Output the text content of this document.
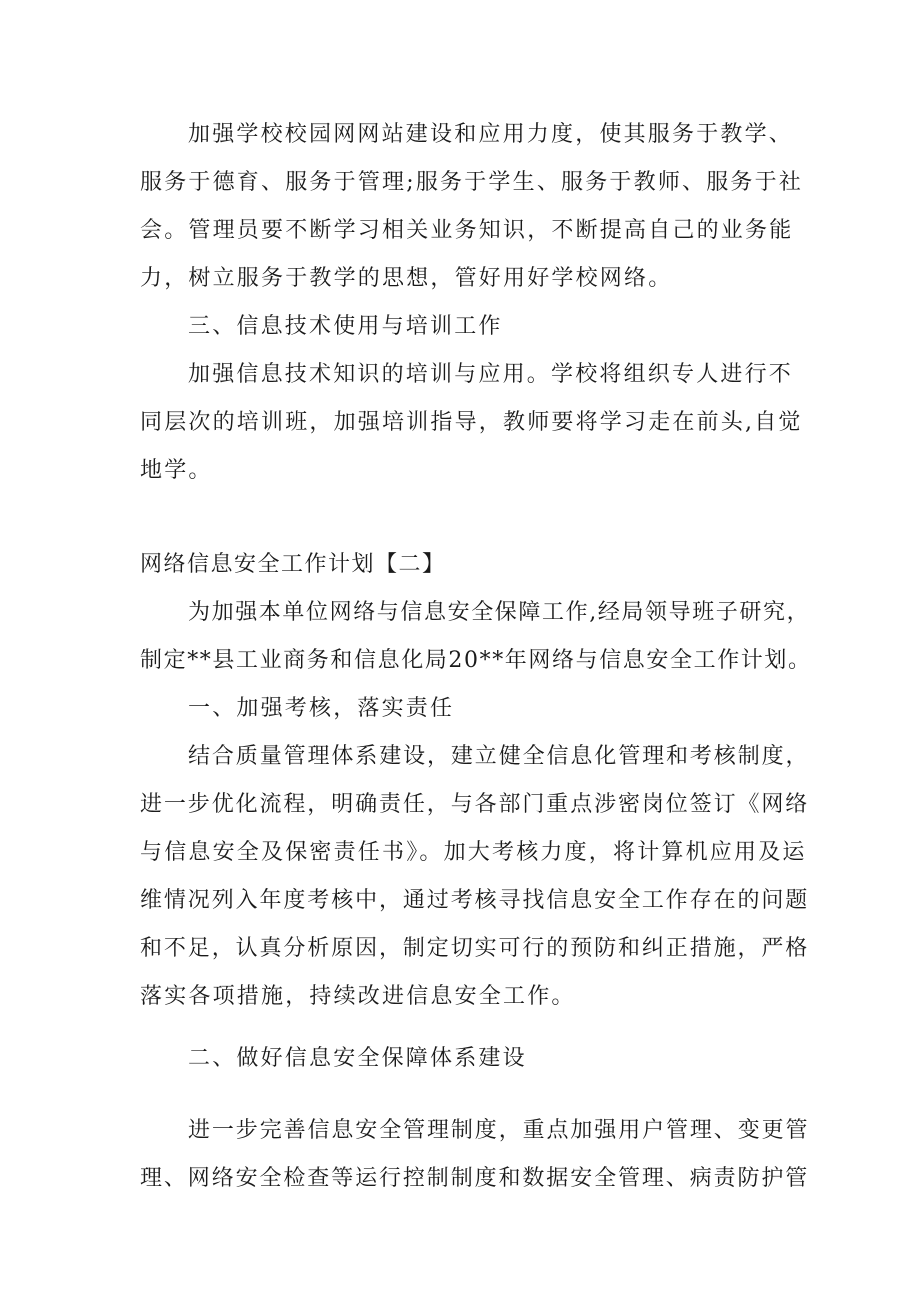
加强学校校园网网站建设和应用力度，使其服务于教学、
服务于德育、服务于管理;服务于学生、服务于教师、服务于社
会。管理员要不断学习相关业务知识，不断提高自己的业务能
力，树立服务于教学的思想，管好用好学校网络。
三、信息技术使用与培训工作
加强信息技术知识的培训与应用。学校将组织专人进行不
同层次的培训班，加强培训指导，教师要将学习走在前头,自觉
地学。
网络信息安全工作计划【二】
为加强本单位网络与信息安全保障工作,经局领导班子研究，
制定**县工业商务和信息化局20**年网络与信息安全工作计划。
一、加强考核，落实责任
结合质量管理体系建设，建立健全信息化管理和考核制度，
进一步优化流程，明确责任，与各部门重点涉密岗位签订《网络
与信息安全及保密责任书》。加大考核力度，将计算机应用及运
维情况列入年度考核中，通过考核寻找信息安全工作存在的问题
和不足，认真分析原因，制定切实可行的预防和纠正措施，严格
落实各项措施，持续改进信息安全工作。
二、做好信息安全保障体系建设
进一步完善信息安全管理制度，重点加强用户管理、变更管
理、网络安全检查等运行控制制度和数据安全管理、病责防护管
